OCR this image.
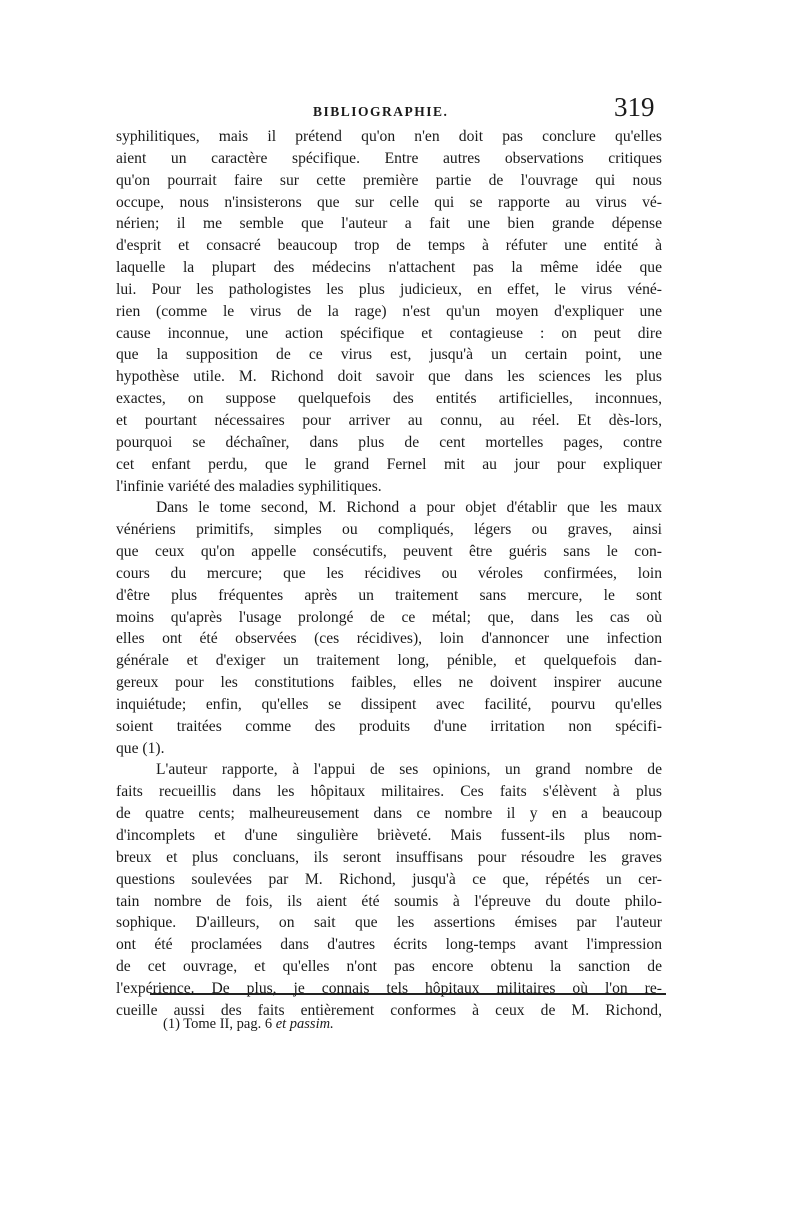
BIBLIOGRAPHIE.	319
syphilitiques, mais il prétend qu'on n'en doit pas conclure qu'elles
aient un caractère spécifique. Entre autres observations critiques
qu'on pourrait faire sur cette première partie de l'ouvrage qui nous
occupe, nous n'insisterons que sur celle qui se rapporte au virus vé-
nérien; il me semble que l'auteur a fait une bien grande dépense
d'esprit et consacré beaucoup trop de temps à réfuter une entité à
laquelle la plupart des médecins n'attachent pas la même idée que
lui. Pour les pathologistes les plus judicieux, en effet, le virus véné-
rien (comme le virus de la rage) n'est qu'un moyen d'expliquer une
cause inconnue, une action spécifique et contagieuse : on peut dire
que la supposition de ce virus est, jusqu'à un certain point, une
hypothèse utile. M. Richond doit savoir que dans les sciences les plus
exactes, on suppose quelquefois des entités artificielles, inconnues,
et pourtant nécessaires pour arriver au connu, au réel. Et dès-lors,
pourquoi se déchaîner, dans plus de cent mortelles pages, contre
cet enfant perdu, que le grand Fernel mit au jour pour expliquer
l'infinie variété des maladies syphilitiques.
Dans le tome second, M. Richond a pour objet d'établir que les maux
vénériens primitifs, simples ou compliqués, légers ou graves, ainsi
que ceux qu'on appelle consécutifs, peuvent être guéris sans le con-
cours du mercure; que les récidives ou véroles confirmées, loin
d'être plus fréquentes après un traitement sans mercure, le sont
moins qu'après l'usage prolongé de ce métal; que, dans les cas où
elles ont été observées (ces récidives), loin d'annoncer une infection
générale et d'exiger un traitement long, pénible, et quelquefois dan-
gereux pour les constitutions faibles, elles ne doivent inspirer aucune
inquiétude; enfin, qu'elles se dissipent avec facilité, pourvu qu'elles
soient traitées comme des produits d'une irritation non spécifi-
que (1).
L'auteur rapporte, à l'appui de ses opinions, un grand nombre de
faits recueillis dans les hôpitaux militaires. Ces faits s'élèvent à plus
de quatre cents; malheureusement dans ce nombre il y en a beaucoup
d'incomplets et d'une singulière brièveté. Mais fussent-ils plus nom-
breux et plus concluans, ils seront insuffisans pour résoudre les graves
questions soulevées par M. Richond, jusqu'à ce que, répétés un cer-
tain nombre de fois, ils aient été soumis à l'épreuve du doute philo-
sophique. D'ailleurs, on sait que les assertions émises par l'auteur
ont été proclamées dans d'autres écrits long-temps avant l'impression
de cet ouvrage, et qu'elles n'ont pas encore obtenu la sanction de
l'expérience. De plus, je connais tels hôpitaux militaires où l'on re-
cueille aussi des faits entièrement conformes à ceux de M. Richond,
(1) Tome II, pag. 6 et passim.
